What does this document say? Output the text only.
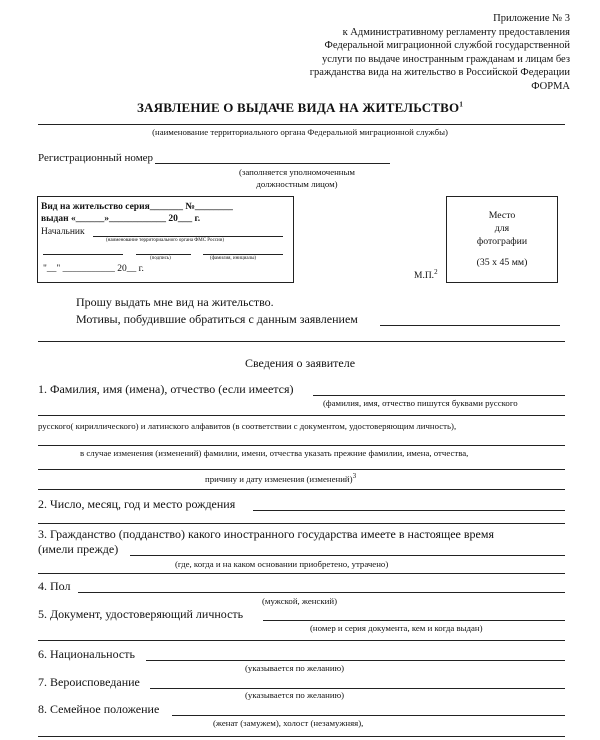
Приложение № 3
к Административному регламенту предоставления
Федеральной миграционной службой государственной
услуги по выдаче иностранным гражданам и лицам без
гражданства вида на жительство в Российской Федерации
ФОРМА
ЗАЯВЛЕНИЕ О ВЫДАЧЕ ВИДА НА ЖИТЕЛЬСТВО$^1$
(наименование территориального органа Федеральной миграционной службы)
Регистрационный номер
(заполняется уполномоченным
должностным лицом)
Вид на жительство серия_______ №________
выдан «______»____________ 20___ г.
Начальник
(наименование территориального органа ФМС России)
(подпись)	(фамилия, инициалы)
"__" ___________ 20__ г.
М.П.$^2$
Место
для
фотографии
(35 х 45 мм)
Прошу выдать мне вид на жительство.
Мотивы, побудившие обратиться с данным заявлением
Сведения о заявителе
1. Фамилия, имя (имена), отчество (если имеется)
(фамилия, имя, отчество пишутся буквами русского
русского( кириллического) и латинского алфавитов (в соответствии с документом, удостоверяющим личность),
в случае изменения (изменений) фамилии, имени, отчества указать прежние фамилии, имена, отчества,
причину и дату изменения (изменений)$^3$
2. Число, месяц, год и место рождения
3. Гражданство (подданство) какого иностранного государства имеете в настоящее время
(имели прежде)
(где, когда и на каком основании приобретено, утрачено)
4. Пол
(мужской, женский)
5. Документ, удостоверяющий личность
(номер и серия документа, кем и когда выдан)
6. Национальность
(указывается по желанию)
7. Вероисповедание
(указывается по желанию)
8. Семейное положение
(женат (замужем), холост (незамужняя),
